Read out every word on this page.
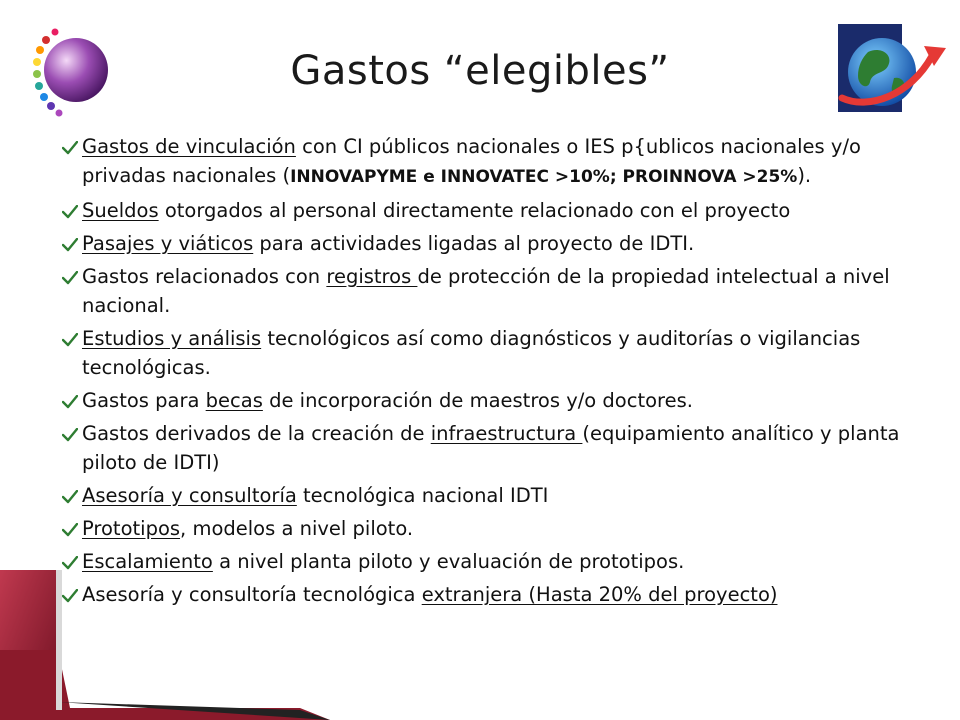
Gastos “elegibles”
Gastos de vinculación con CI públicos nacionales o IES p{ublicos nacionales y/o privadas nacionales (INNOVAPYME e INNOVATEC >10%; PROINNOVA >25%).
Sueldos otorgados al personal directamente relacionado con el proyecto
Pasajes y viáticos para actividades ligadas al proyecto de IDTI.
Gastos relacionados con registros de protección de la propiedad intelectual a nivel nacional.
Estudios y análisis tecnológicos así como diagnósticos y auditorías o vigilancias tecnológicas.
Gastos para becas de incorporación de maestros y/o doctores.
Gastos derivados de la creación de infraestructura (equipamiento analítico y planta piloto de IDTI)
Asesoría y consultoría tecnológica nacional IDTI
Prototipos, modelos a nivel piloto.
Escalamiento a nivel planta piloto y evaluación de prototipos.
Asesoría y consultoría tecnológica extranjera (Hasta 20% del proyecto)
